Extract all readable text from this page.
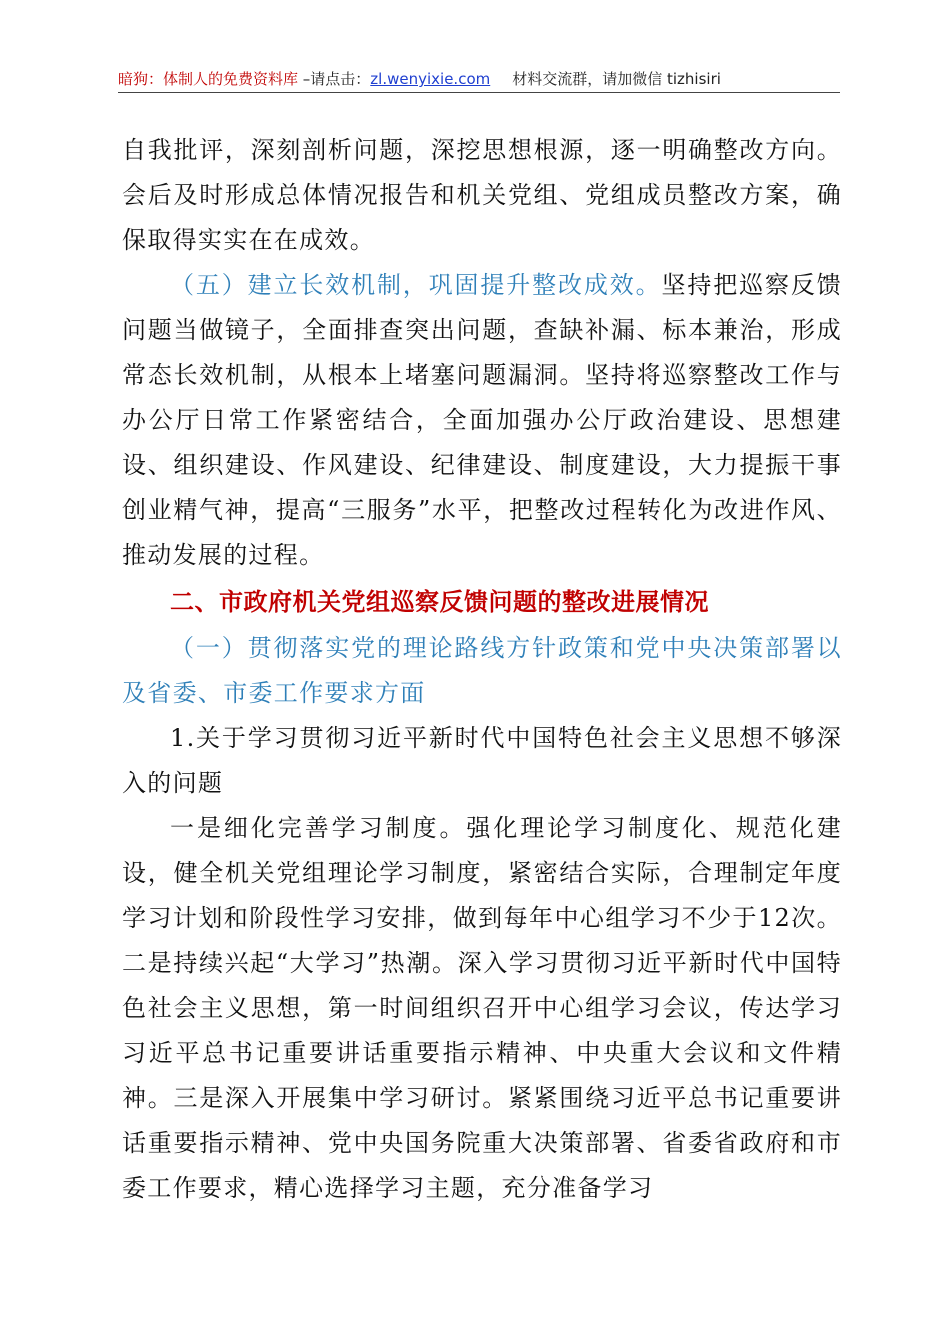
暗狗：体制人的免费资料库 –请点击：zl.wenyixie.com 材料交流群，请加微信 tizhisiri

自我批评，深刻剖析问题，深挖思想根源，逐一明确整改方向。会后及时形成总体情况报告和机关党组、党组成员整改方案，确保取得实实在在成效。

（五）建立长效机制，巩固提升整改成效。坚持把巡察反馈问题当做镜子，全面排查突出问题，查缺补漏、标本兼治，形成常态长效机制，从根本上堵塞问题漏洞。坚持将巡察整改工作与办公厅日常工作紧密结合，全面加强办公厅政治建设、思想建设、组织建设、作风建设、纪律建设、制度建设，大力提振干事创业精气神，提高“三服务”水平，把整改过程转化为改进作风、推动发展的过程。

二、市政府机关党组巡察反馈问题的整改进展情况

（一）贯彻落实党的理论路线方针政策和党中央决策部署以及省委、市委工作要求方面

1.关于学习贯彻习近平新时代中国特色社会主义思想不够深入的问题

一是细化完善学习制度。强化理论学习制度化、规范化建设，健全机关党组理论学习制度，紧密结合实际，合理制定年度学习计划和阶段性学习安排，做到每年中心组学习不少于12次。二是持续兴起“大学习”热潮。深入学习贯彻习近平新时代中国特色社会主义思想，第一时间组织召开中心组学习会议，传达学习习近平总书记重要讲话重要指示精神、中央重大会议和文件精神。三是深入开展集中学习研讨。紧紧围绕习近平总书记重要讲话重要指示精神、党中央国务院重大决策部署、省委省政府和市委工作要求，精心选择学习主题，充分准备学习
